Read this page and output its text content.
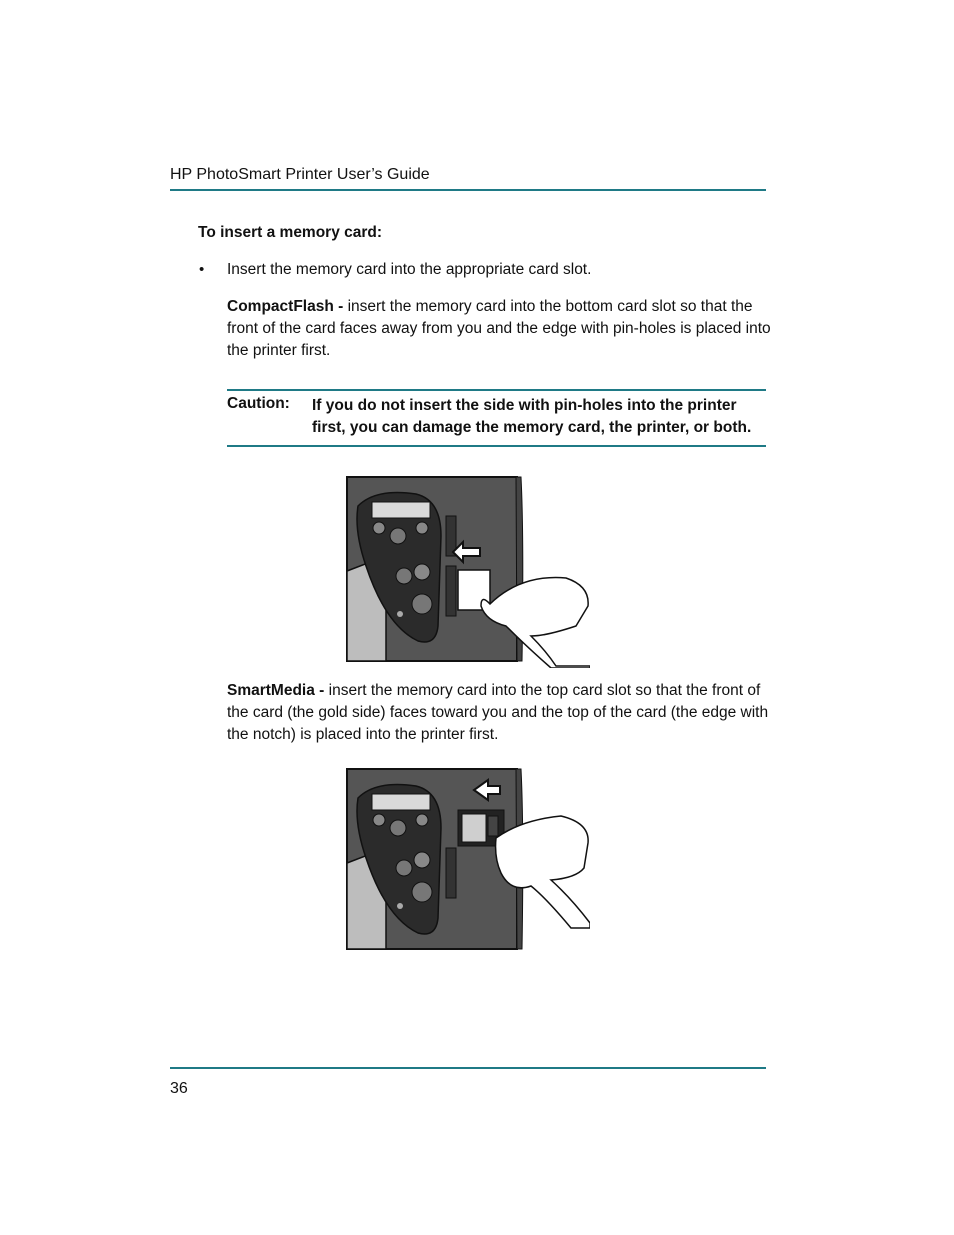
HP PhotoSmart Printer User’s Guide
To insert a memory card:
• Insert the memory card into the appropriate card slot.
CompactFlash - insert the memory card into the bottom card slot so that the front of the card faces away from you and the edge with pin-holes is placed into the printer first.
Caution: If you do not insert the side with pin-holes into the printer first, you can damage the memory card, the printer, or both.
SmartMedia - insert the memory card into the top card slot so that the front of the card (the gold side) faces toward you and the top of the card (the edge with the notch) is placed into the printer first.
36
